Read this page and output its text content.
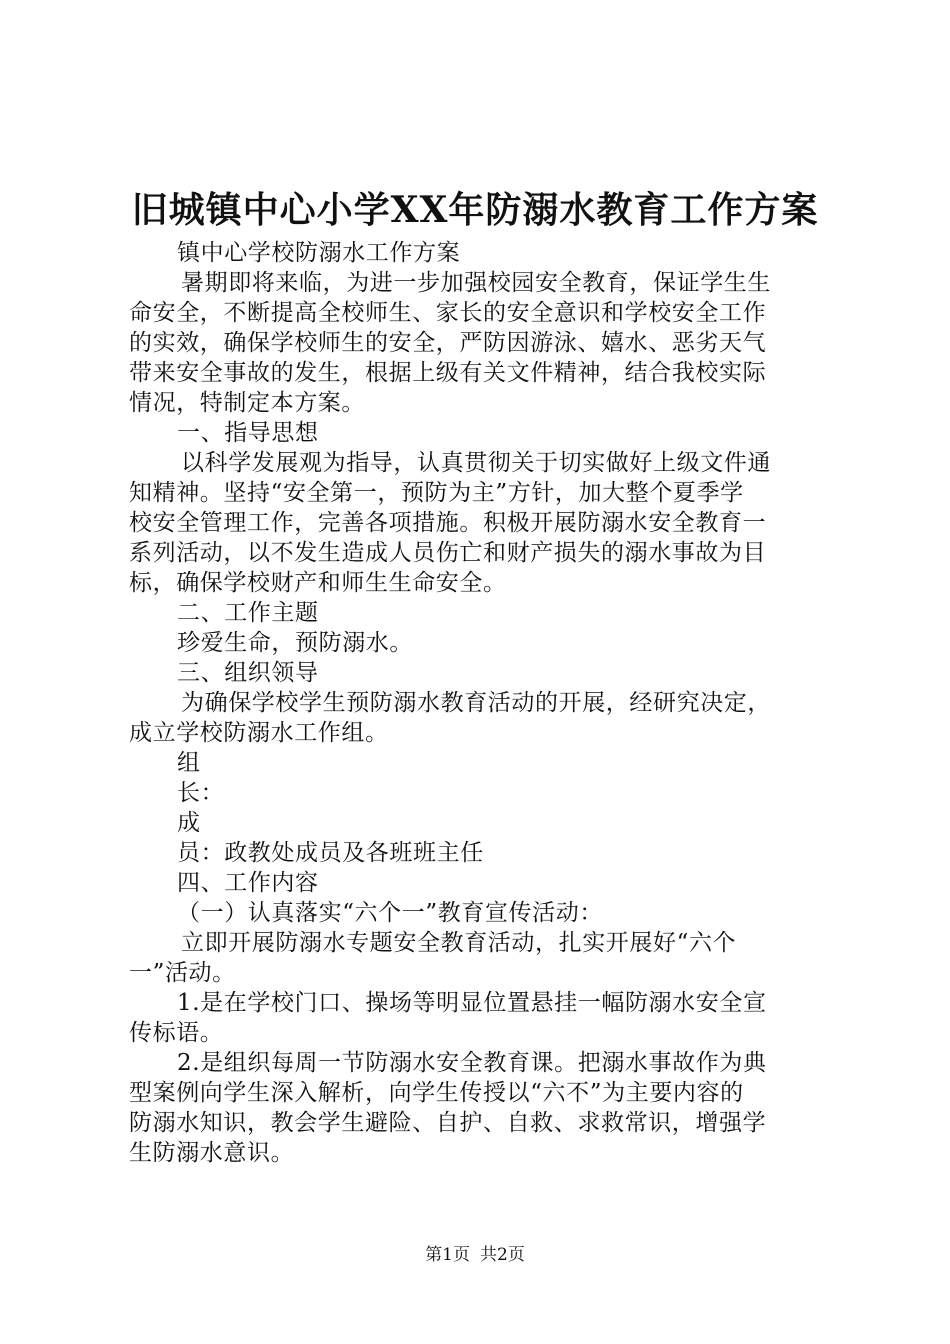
旧城镇中心小学XX年防溺水教育工作方案
镇中心学校防溺水工作方案
暑期即将来临，为进一步加强校园安全教育，保证学生生
命安全，不断提高全校师生、家长的安全意识和学校安全工作
的实效，确保学校师生的安全，严防因游泳、嬉水、恶劣天气
带来安全事故的发生，根据上级有关文件精神，结合我校实际
情况，特制定本方案。
一、指导思想
以科学发展观为指导，认真贯彻关于切实做好上级文件通
知精神。坚持“安全第一，预防为主”方针，加大整个夏季学
校安全管理工作，完善各项措施。积极开展防溺水安全教育一
系列活动，以不发生造成人员伤亡和财产损失的溺水事故为目
标，确保学校财产和师生生命安全。
二、工作主题
珍爱生命，预防溺水。
三、组织领导
为确保学校学生预防溺水教育活动的开展，经研究决定，
成立学校防溺水工作组。
组
长：
成
员：政教处成员及各班班主任
四、工作内容
（一）认真落实“六个一”教育宣传活动：
立即开展防溺水专题安全教育活动，扎实开展好“六个
一”活动。
1.是在学校门口、操场等明显位置悬挂一幅防溺水安全宣
传标语。
2.是组织每周一节防溺水安全教育课。把溺水事故作为典
型案例向学生深入解析，向学生传授以“六不”为主要内容的
防溺水知识，教会学生避险、自护、自救、求救常识，增强学
生防溺水意识。
第1页 共2页
